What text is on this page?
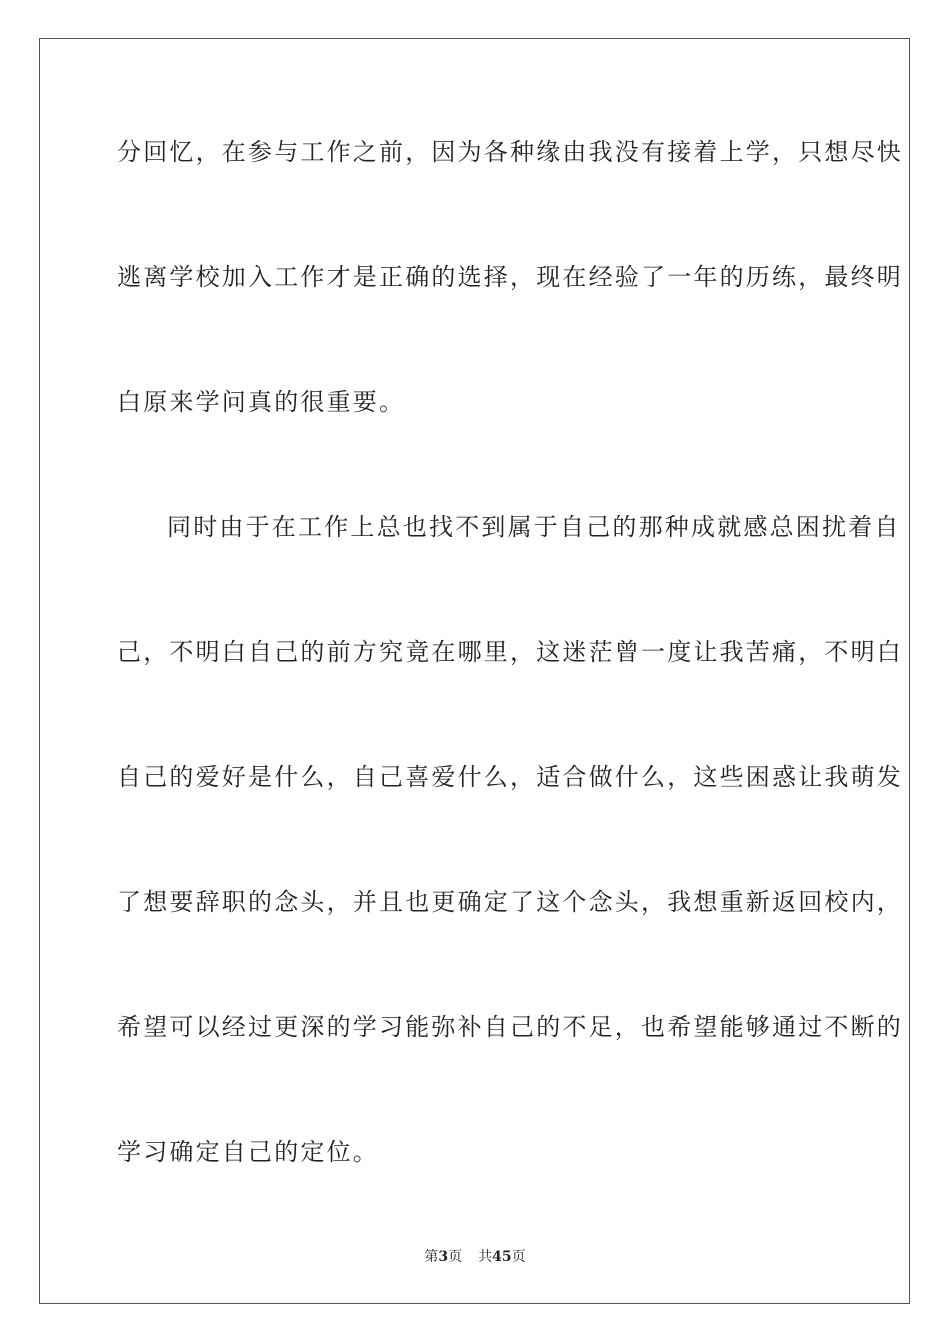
分回忆，在参与工作之前，因为各种缘由我没有接着上学，只想尽快
逃离学校加入工作才是正确的选择，现在经验了一年的历练，最终明
白原来学问真的很重要。
同时由于在工作上总也找不到属于自己的那种成就感总困扰着自
己，不明白自己的前方究竟在哪里，这迷茫曾一度让我苦痛，不明白
自己的爱好是什么，自己喜爱什么，适合做什么，这些困惑让我萌发
了想要辞职的念头，并且也更确定了这个念头，我想重新返回校内，
希望可以经过更深的学习能弥补自己的不足，也希望能够通过不断的
学习确定自己的定位。
第3页 共45页
